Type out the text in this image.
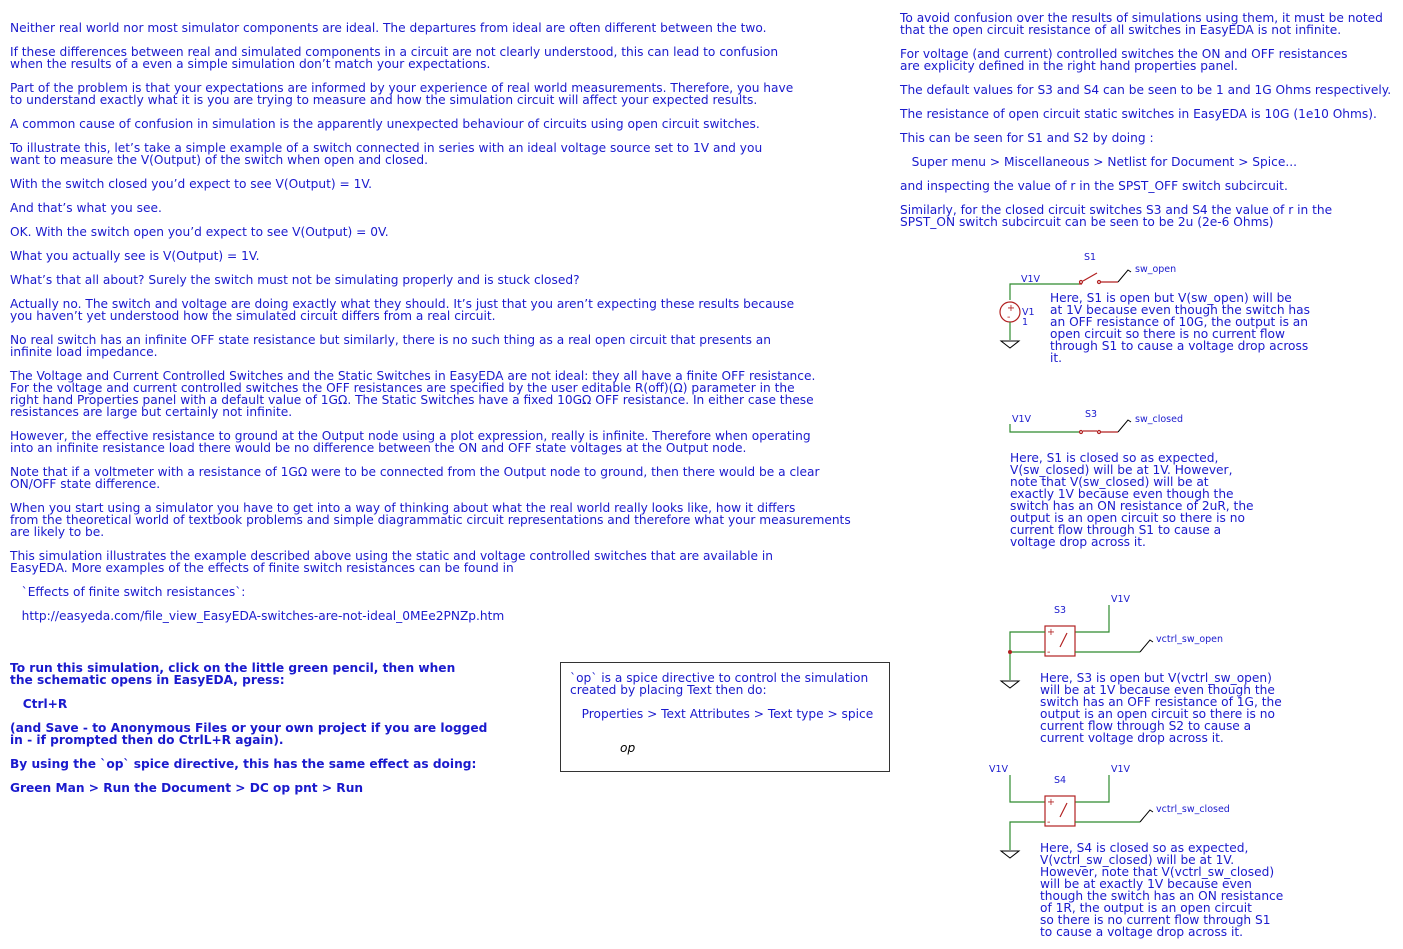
Neither real world nor most simulator components are ideal. The departures from ideal are often different between the two.
If these differences between real and simulated components in a circuit are not clearly understood, this can lead to confusion
when the results of a even a simple simulation don’t match your expectations.
Part of the problem is that your expectations are informed by your experience of real world measurements. Therefore, you have
to understand exactly what it is you are trying to measure and how the simulation circuit will affect your expected results.
A common cause of confusion in simulation is the apparently unexpected behaviour of circuits using open circuit switches.
To illustrate this, let’s take a simple example of a switch connected in series with an ideal voltage source set to 1V and you
want to measure the V(Output) of the switch when open and closed.
With the switch closed you’d expect to see V(Output) = 1V.
And that’s what you see.
OK. With the switch open you’d expect to see V(Output) = 0V.
What you actually see is V(Output) = 1V.
What’s that all about? Surely the switch must not be simulating properly and is stuck closed?
Actually no. The switch and voltage are doing exactly what they should. It’s just that you aren’t expecting these results because
you haven’t yet understood how the simulated circuit differs from a real circuit.
No real switch has an infinite OFF state resistance but similarly, there is no such thing as a real open circuit that presents an
infinite load impedance.
The Voltage and Current Controlled Switches and the Static Switches in EasyEDA are not ideal: they all have a finite OFF resistance.
For the voltage and current controlled switches the OFF resistances are specified by the user editable R(off)(Ω) parameter in the
right hand Properties panel with a default value of 1GΩ. The Static Switches have a fixed 10GΩ OFF resistance. In either case these
resistances are large but certainly not infinite.
However, the effective resistance to ground at the Output node using a plot expression, really is infinite. Therefore when operating
into an infinite resistance load there would be no difference between the ON and OFF state voltages at the Output node.
Note that if a voltmeter with a resistance of 1GΩ were to be connected from the Output node to ground, then there would be a clear
ON/OFF state difference.
When you start using a simulator you have to get into a way of thinking about what the real world really looks like, how it differs
from the theoretical world of textbook problems and simple diagrammatic circuit representations and therefore what your measurements
are likely to be.
This simulation illustrates the example described above using the static and voltage controlled switches that are available in
EasyEDA. More examples of the effects of finite switch resistances can be found in
`Effects of finite switch resistances`:
http://easyeda.com/file_view_EasyEDA-switches-are-not-ideal_0MEe2PNZp.htm
To run this simulation, click on the little green pencil, then when
the schematic opens in EasyEDA, press:
Ctrl+R
(and Save - to Anonymous Files or your own project if you are logged
in - if prompted then do CtrlL+R again).
By using the `op` spice directive, this has the same effect as doing:
Green Man > Run the Document > DC op pnt > Run
`op` is a spice directive to control the simulation
created by placing Text then do:
Properties > Text Attributes > Text type > spice
op
To avoid confusion over the results of simulations using them, it must be noted
that the open circuit resistance of all switches in EasyEDA is not infinite.
For voltage (and current) controlled switches the ON and OFF resistances
are explicity defined in the right hand properties panel.
The default values for S3 and S4 can be seen to be 1 and 1G Ohms respectively.
The resistance of open circuit static switches in EasyEDA is 10G (1e10 Ohms).
This can be seen for S1 and S2 by doing :
Super menu > Miscellaneous > Netlist for Document > Spice...
and inspecting the value of r in the SPST_OFF switch subcircuit.
Similarly, for the closed circuit switches S3 and S4 the value of r in the
SPST_ON switch subcircuit can be seen to be 2u (2e-6 Ohms)
S1
V1V
sw_open
+
- V1
1
V1V	S3	sw_closed
S3
V1V
+
-
vctrl_sw_open
V1V
S4
V1V
+
-
vctrl_sw_closed
Here, S1 is open but V(sw_open) will be
at 1V because even though the switch has
an OFF resistance of 10G, the output is an
open circuit so there is no current flow
through S1 to cause a voltage drop across
it.
Here, S1 is closed so as expected,
V(sw_closed) will be at 1V. However,
note that V(sw_closed) will be at
exactly 1V because even though the
switch has an ON resistance of 2uR, the
output is an open circuit so there is no
current flow through S1 to cause a
voltage drop across it.
Here, S3 is open but V(vctrl_sw_open)
will be at 1V because even though the
switch has an OFF resistance of 1G, the
output is an open circuit so there is no
current flow through S2 to cause a
current voltage drop across it.
Here, S4 is closed so as expected,
V(vctrl_sw_closed) will be at 1V.
However, note that V(vctrl_sw_closed)
will be at exactly 1V because even
though the switch has an ON resistance
of 1R, the output is an open circuit
so there is no current flow through S1
to cause a voltage drop across it.
